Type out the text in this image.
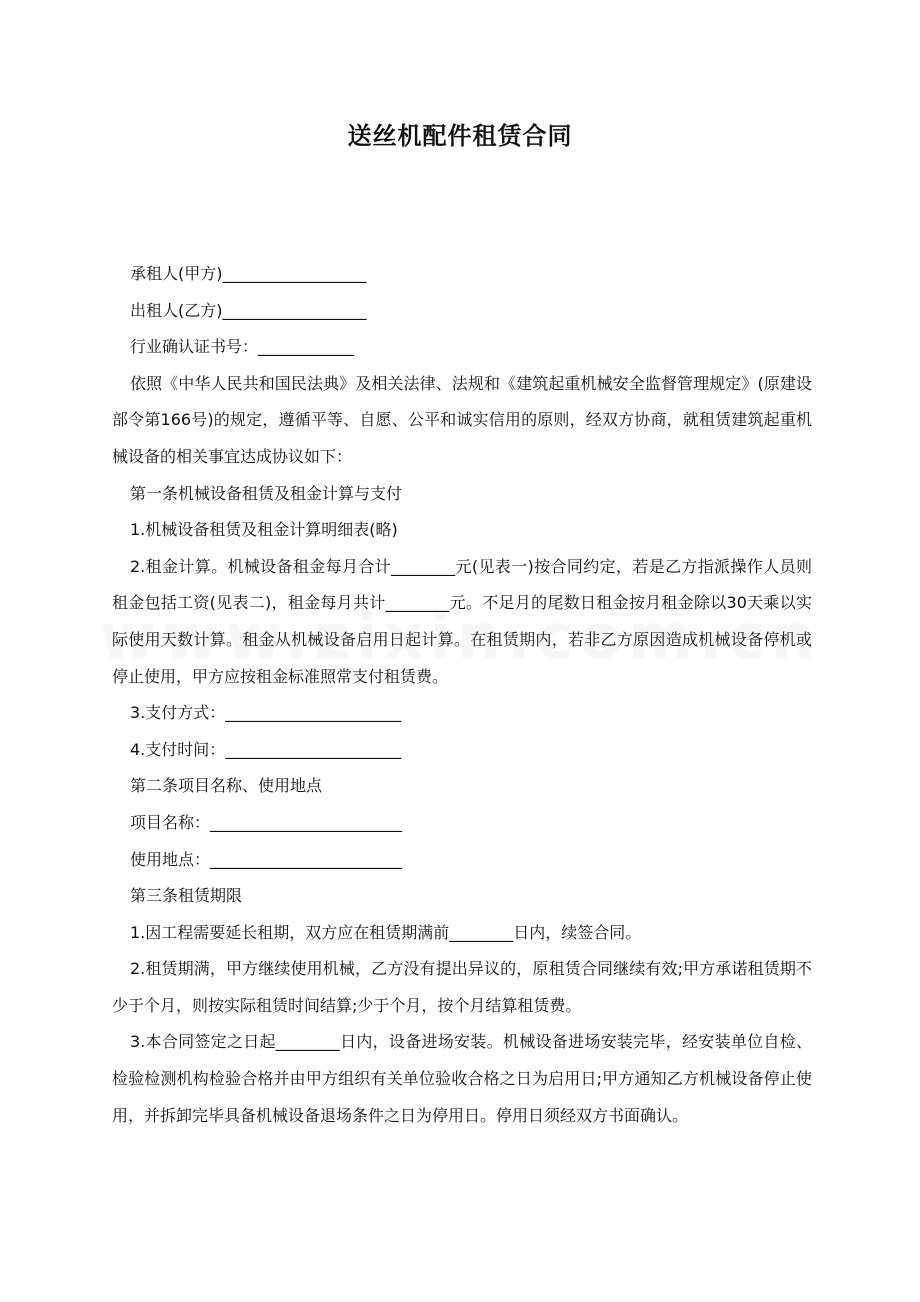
送丝机配件租赁合同

承租人(甲方)__________________

出租人(乙方)__________________

行业确认证书号：____________

依照《中华人民共和国民法典》及相关法律、法规和《建筑起重机械安全监督管理规定》(原建设部令第166号)的规定，遵循平等、自愿、公平和诚实信用的原则，经双方协商，就租赁建筑起重机械设备的相关事宜达成协议如下：

第一条机械设备租赁及租金计算与支付

1.机械设备租赁及租金计算明细表(略)

2.租金计算。机械设备租金每月合计________元(见表一)按合同约定，若是乙方指派操作人员则租金包括工资(见表二)，租金每月共计________元。不足月的尾数日租金按月租金除以30天乘以实际使用天数计算。租金从机械设备启用日起计算。在租赁期内，若非乙方原因造成机械设备停机或停止使用，甲方应按租金标准照常支付租赁费。

3.支付方式：______________________

4.支付时间：______________________

第二条项目名称、使用地点

项目名称：________________________

使用地点：________________________

第三条租赁期限

1.因工程需要延长租期，双方应在租赁期满前________日内，续签合同。

2.租赁期满，甲方继续使用机械，乙方没有提出异议的，原租赁合同继续有效;甲方承诺租赁期不少于个月，则按实际租赁时间结算;少于个月，按个月结算租赁费。

3.本合同签定之日起________日内，设备进场安装。机械设备进场安装完毕，经安装单位自检、检验检测机构检验合格并由甲方组织有关单位验收合格之日为启用日;甲方通知乙方机械设备停止使用，并拆卸完毕具备机械设备退场条件之日为停用日。停用日须经双方书面确认。
